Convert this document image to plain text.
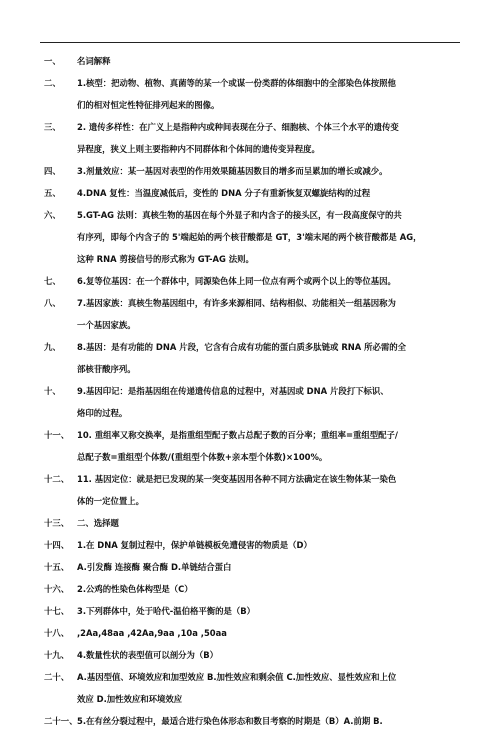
一、 名词解释
二、 1.核型：把动物、植物、真菌等的某一个或谋一份类群的体细胞中的全部染色体按照他
们的相对恒定性特征排列起来的图像。
三、 2. 遗传多样性：在广义上是指种内或种间表现在分子、细胞核、个体三个水平的遗传变
异程度，狭义上则主要指种内不同群体和个体间的遗传变异程度。
四、 3.剂量效应：某一基因对表型的作用效果随基因数目的增多而呈累加的增长或减少。
五、 4.DNA 复性：当温度减低后，变性的 DNA 分子有重新恢复双螺旋结构的过程
六、 5.GT-AG 法则：真核生物的基因在每个外显子和内含子的接头区，有一段高度保守的共
有序列，即每个内含子的 5'端起始的两个核苷酸都是 GT，3'端末尾的两个核苷酸都是 AG，
这种 RNA 剪接信号的形式称为 GT-AG 法则。
七、 6.复等位基因：在一个群体中，同源染色体上同一位点有两个或两个以上的等位基因。
八、 7.基因家族：真核生物基因组中，有许多来源相同、结构相似、功能相关一组基因称为
一个基因家族。
九、 8.基因：是有功能的 DNA 片段，它含有合成有功能的蛋白质多肽链或 RNA 所必需的全
部核苷酸序列。
十、 9.基因印记：是指基因组在传递遗传信息的过程中，对基因或 DNA 片段打下标识、
烙印的过程。
十一、 10. 重组率又称交换率，是指重组型配子数占总配子数的百分率；重组率=重组型配子/
总配子数=重组型个体数/(重组型个体数+亲本型个体数)×100%。
十二、 11. 基因定位：就是把已发现的某一突变基因用各种不同方法确定在该生物体某一染色
体的一定位置上。
十三、 二、选择题
十四、 1.在 DNA 复制过程中，保护单链模板免遭侵害的物质是（D）
十五、 A.引发酶 连接酶 聚合酶 D.单链结合蛋白
十六、 2.公鸡的性染色体构型是（C）
十七、 3.下列群体中，处于哈代-温伯格平衡的是（B）
十八、 ,2Aa,48aa ,42Aa,9aa ,10a ,50aa
十九、 4.数量性状的表型值可以剖分为（B）
二十、 A.基因型值、环境效应和加型效应 B.加性效应和剩余值 C.加性效应、显性效应和上位
效应 D.加性效应和环境效应
二十一、 5.在有丝分裂过程中，最适合进行染色体形态和数目考察的时期是（B）A.前期 B.
